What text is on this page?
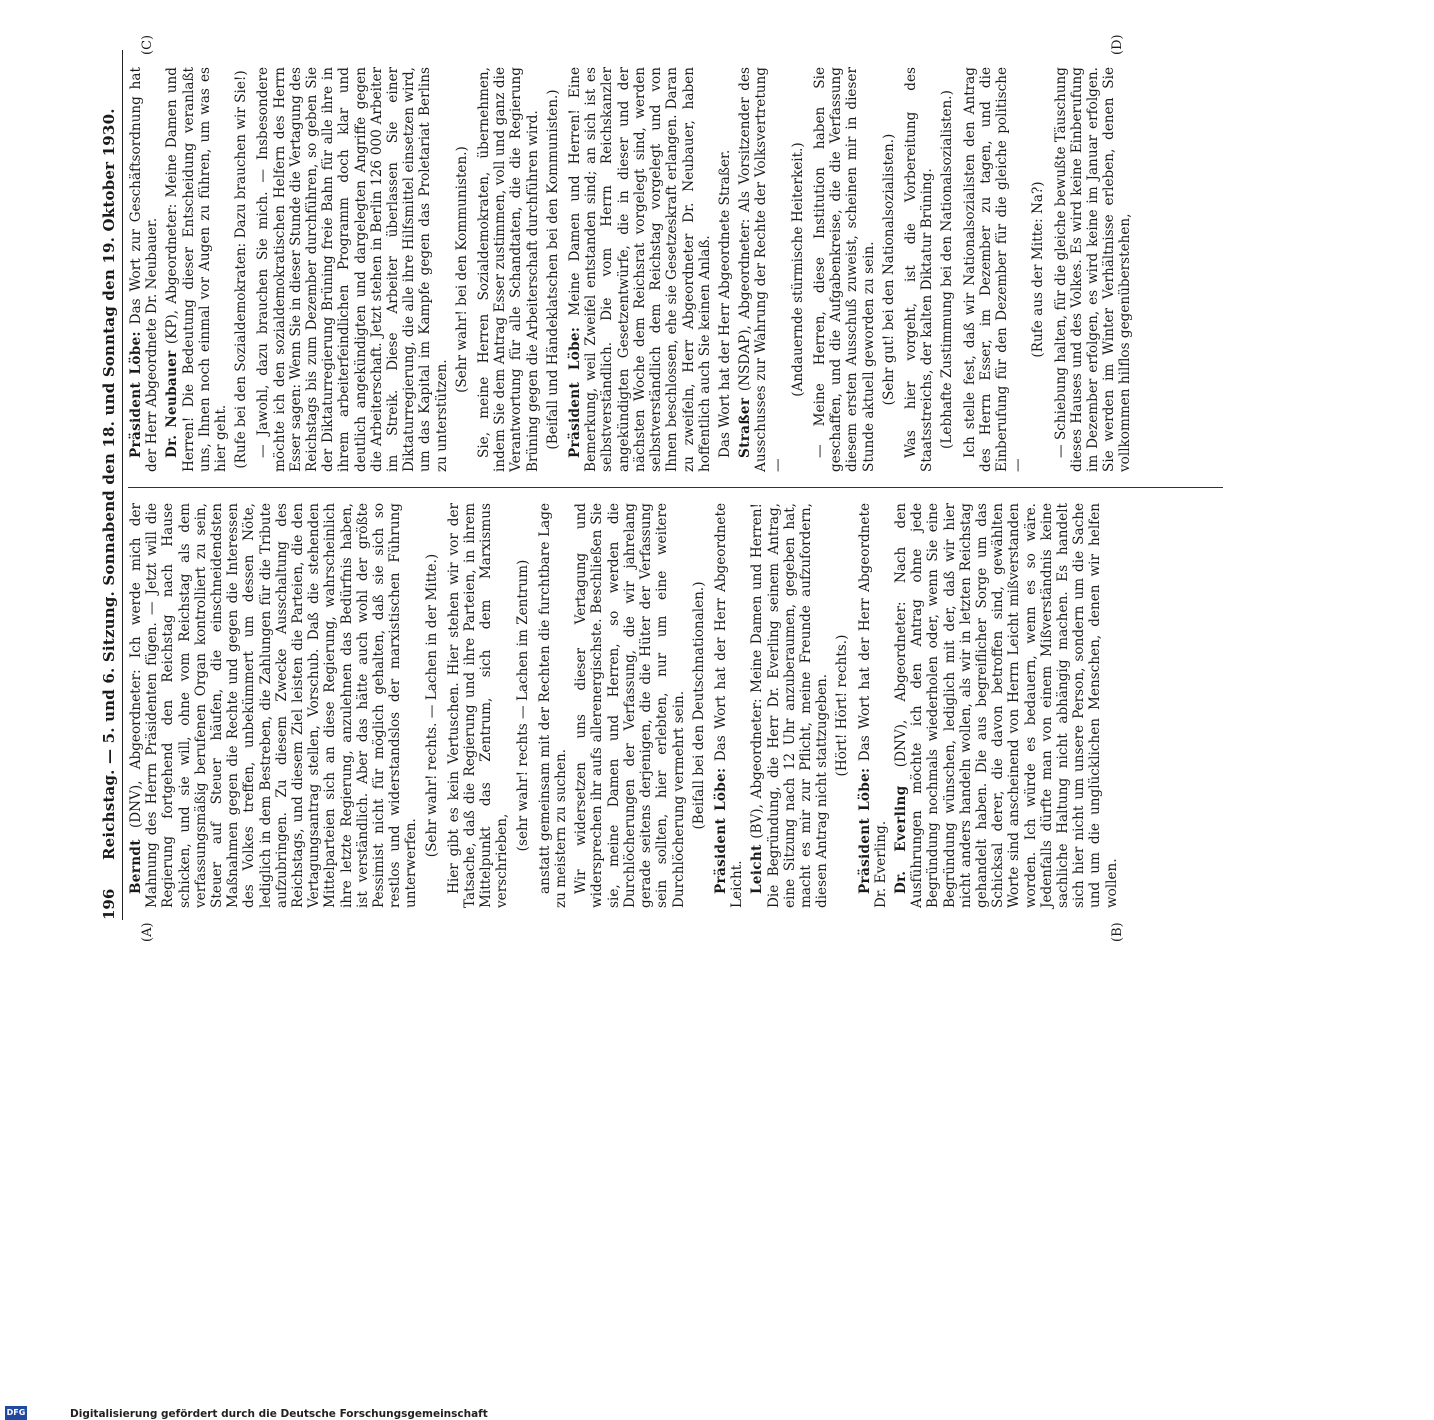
196
Reichstag. — 5. und 6. Sitzung. Sonnabend den 18. und Sonntag den 19. Oktober 1930.
(A)	(B)
(C)	(D)

Berndt (DNV), Abgeordneter: Ich werde mich der Mahnung des Herrn Präsidenten fügen. — Jetzt will die Regierung fortgehend den Reichstag nach Hause schicken, und sie will, ohne vom Reichstag als dem verfassungsmäßig berufenen Organ kontrolliert zu sein, Steuer auf Steuer häufen, die einschneidendsten Maßnahmen gegen die Rechte und gegen die Interessen des Volkes treffen, unbekümmert um dessen Nöte, lediglich in dem Bestreben, die Zahlungen für die Tribute aufzubringen. Zu diesem Zwecke Ausschaltung des Reichstags, und diesem Ziel leisten die Parteien, die den Vertagungsantrag stellen, Vorschub. Daß die stehenden Mittelparteien sich an diese Regierung, wahrscheinlich ihre letzte Regierung, anzulehnen das Bedürfnis haben, ist verständlich. Aber das hätte auch wohl der größte Pessimist nicht für möglich gehalten, daß sie sich so restlos und widerstandslos der marxistischen Führung unterwerfen.

(Sehr wahr! rechts. — Lachen in der Mitte.) Hier gibt es kein Vertuschen. Hier stehen wir vor der Tatsache, daß die Regierung und ihre Parteien, in ihrem Mittelpunkt das Zentrum, sich dem Marxismus verschrieben,

(sehr wahr! rechts — Lachen im Zentrum) anstatt gemeinsam mit der Rechten die furchtbare Lage zu meistern zu suchen. Wir widersetzen uns dieser Vertagung und widersprechen ihr aufs allerenergischste. Beschließen Sie sie, meine Damen und Herren, so werden die Durchlöcherungen der Verfassung, die wir jahrelang gerade seitens derjenigen, die die Hüter der Verfassung sein sollten, hier erlebten, nur um eine weitere Durchlöcherung vermehrt sein. (Beifall bei den Deutschnationalen.)

Präsident Löbe: Das Wort hat der Herr Abgeordnete Leicht. Leicht (BV), Abgeordneter: Meine Damen und Herren! Die Begründung, die Herr Dr. Everling seinem Antrag, eine Sitzung nach 12 Uhr anzuberaumen, gegeben hat, macht es mir zur Pflicht, meine Freunde aufzufordern, diesen Antrag nicht stattzugeben. (Hört! Hört! rechts.)

Präsident Löbe: Das Wort hat der Herr Abgeordnete Dr. Everling. Dr. Everling (DNV), Abgeordneter: Nach den Ausführungen möchte ich den Antrag ohne jede Begründung nochmals wiederholen oder, wenn Sie eine Begründung wünschen, lediglich mit der, daß wir hier nicht anders handeln wollen, als wir in letzten Reichstag gehandelt haben. Die aus begreiflicher Sorge um das Schicksal derer, die davon betroffen sind, gewählten Worte sind anscheinend von Herrn Leicht mißverstanden worden. Ich würde es bedauern, wenn es so wäre. Jedenfalls dürfte man von einem Mißverständnis keine sachliche Haltung nicht abhängig machen. Es handelt sich hier nicht um unsere Person, sondern um die Sache und um die unglücklichen Menschen, denen wir helfen wollen.

Präsident Löbe: Das Wort zur Geschäftsordnung hat der Herr Abgeordnete Dr. Neubauer. Dr. Neubauer (KP), Abgeordneter: Meine Damen und Herren! Die Bedeutung dieser Entscheidung veranlaßt uns, Ihnen noch einmal vor Augen zu führen, um was es hier geht. (Rufe bei den Sozialdemokraten: Dazu brauchen wir Sie!) — Jawohl, dazu brauchen Sie mich. — Insbesondere möchte ich den sozialdemokratischen Helfern des Herrn Esser sagen: Wenn Sie in dieser Stunde die Vertagung des Reichstags bis zum Dezember durchführen, so geben Sie der Diktaturregierung Brüning freie Bahn für alle ihre in ihrem arbeiterfeindlichen Programm doch klar und deutlich angekündigten und dargelegten Angriffe gegen die Arbeiterschaft. Jetzt stehen in Berlin 126 000 Arbeiter im Streik. Diese Arbeiter überlassen Sie einer Diktaturregierung, die alle ihre Hilfsmittel einsetzen wird, um das Kapital im Kampfe gegen das Proletariat Berlins zu unterstützen.

(Sehr wahr! bei den Kommunisten.) Sie, meine Herren Sozialdemokraten, übernehmen, indem Sie dem Antrag Esser zustimmen, voll und ganz die Verantwortung für alle Schandtaten, die die Regierung Brüning gegen die Arbeiterschaft durchführen wird. (Beifall und Händeklatschen bei den Kommunisten.) Präsident Löbe: Meine Damen und Herren! Eine Bemerkung, weil Zweifel entstanden sind; an sich ist es selbstverständlich. Die vom Herrn Reichskanzler angekündigten Gesetzentwürfe, die in dieser und der nächsten Woche dem Reichsrat vorgelegt sind, werden selbstverständlich dem Reichstag vorgelegt und von Ihnen beschlossen, ehe sie Gesetzeskraft erlangen. Daran zu zweifeln, Herr Abgeordneter Dr. Neubauer, haben hoffentlich auch Sie keinen Anlaß. Das Wort hat der Herr Abgeordnete Straßer. Straßer (NSDAP), Abgeordneter: Als Vorsitzender des Ausschusses zur Wahrung der Rechte der Volksvertretung —

(Andauernde stürmische Heiterkeit.) — Meine Herren, diese Institution haben Sie geschaffen, und die Aufgabenkreise, die die Verfassung diesem ersten Ausschuß zuweist, scheinen mir in dieser Stunde aktuell geworden zu sein. (Sehr gut! bei den Nationalsozialisten.) Was hier vorgeht, ist die Vorbereitung des Staatsstreichs, der kalten Diktatur Brüning. (Lebhafte Zustimmung bei den Nationalsozialisten.) Ich stelle fest, daß wir Nationalsozialisten den Antrag des Herrn Esser, im Dezember zu tagen, und die Einberufung für den Dezember für die gleiche politische —

(Rufe aus der Mitte: Na?) — Schiebung halten, für die gleiche bewußte Täuschung dieses Hauses und des Volkes. Es wird keine Einberufung im Dezember erfolgen, es wird keine im Januar erfolgen. Sie werden im Winter Verhältnisse erleben, denen Sie vollkommen hilflos gegenüberstehen,

DFG	Digitalisierung gefördert durch die Deutsche Forschungsgemeinschaft
